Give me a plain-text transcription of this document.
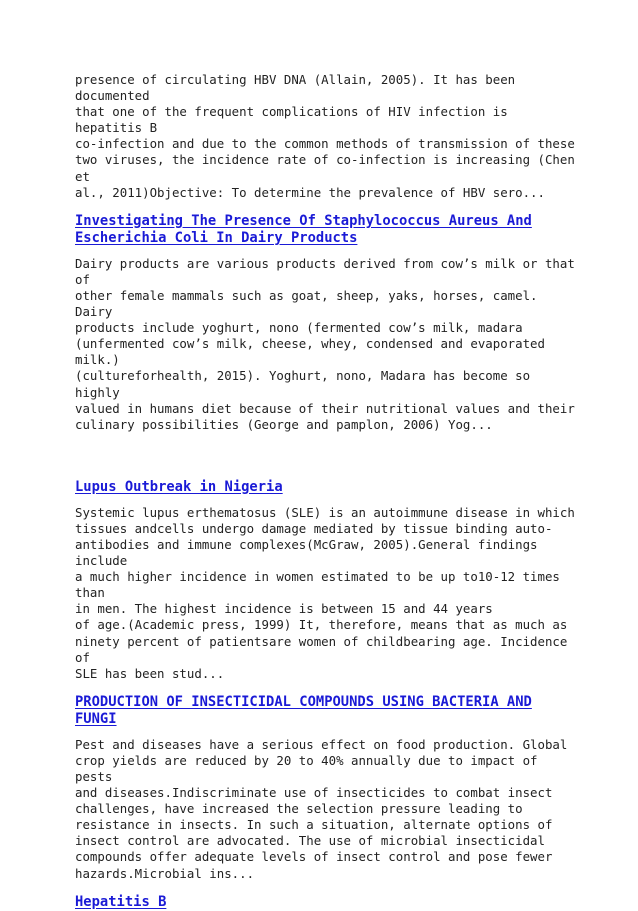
presence of circulating HBV DNA (Allain, 2005). It has been documented
that one of the frequent complications of HIV infection is hepatitis B
co-infection and due to the common methods of transmission of these
two viruses, the incidence rate of co-infection is increasing (Chen et
al., 2011)Objective: To determine the prevalence of HBV sero...

Investigating The Presence Of Staphylococcus Aureus And
Escherichia Coli In Dairy Products

Dairy products are various products derived from cow’s milk or that of
other female mammals such as goat, sheep, yaks, horses, camel. Dairy
products include yoghurt, nono (fermented cow’s milk, madara
(unfermented cow’s milk, cheese, whey, condensed and evaporated milk.)
(cultureforhealth, 2015). Yoghurt, nono, Madara has become so highly
valued in humans diet because of their nutritional values and their
culinary possibilities (George and pamplon, 2006) Yog...

Lupus Outbreak in Nigeria

Systemic lupus erthematosus (SLE) is an autoimmune disease in which
tissues andcells undergo damage mediated by tissue binding auto-
antibodies and immune complexes(McGraw, 2005).General findings include
a much higher incidence in women estimated to be up to10-12 times than
in men. The highest incidence is between 15 and 44 years
of age.(Academic press, 1999) It, therefore, means that as much as
ninety percent of patientsare women of childbearing age. Incidence of
SLE has been stud...

PRODUCTION OF INSECTICIDAL COMPOUNDS USING BACTERIA AND
FUNGI

Pest and diseases have a serious effect on food production. Global
crop yields are reduced by 20 to 40% annually due to impact of pests
and diseases.Indiscriminate use of insecticides to combat insect
challenges, have increased the selection pressure leading to
resistance in insects. In such a situation, alternate options of
insect control are advocated. The use of microbial insecticidal
compounds offer adequate levels of insect control and pose fewer
hazards.Microbial ins...

Hepatitis B
